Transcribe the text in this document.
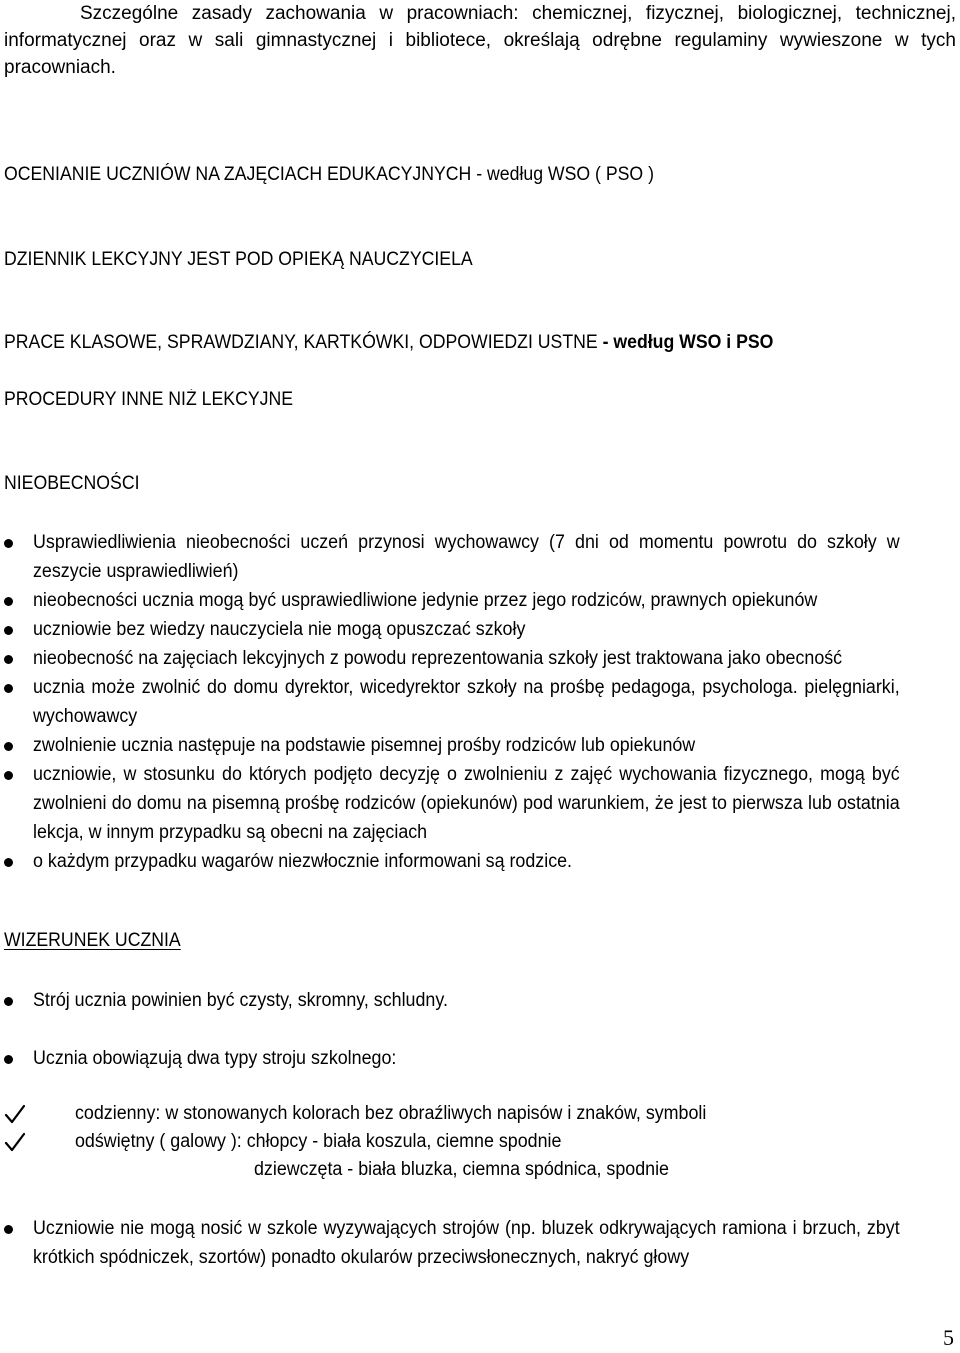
Szczególne zasady zachowania w pracowniach: chemicznej, fizycznej, biologicznej, technicznej, informatycznej oraz w sali gimnastycznej i bibliotece, określają odrębne regulaminy wywieszone w tych pracowniach.

OCENIANIE UCZNIÓW NA ZAJĘCIACH EDUKACYJNYCH - według WSO ( PSO )
DZIENNIK LEKCYJNY JEST POD OPIEKĄ NAUCZYCIELA
PRACE KLASOWE, SPRAWDZIANY, KARTKÓWKI, ODPOWIEDZI USTNE - według WSO i PSO
PROCEDURY INNE NIŻ LEKCYJNE
NIEOBECNOŚCI
Usprawiedliwienia nieobecności uczeń przynosi wychowawcy (7 dni od momentu powrotu do szkoły w zeszycie usprawiedliwień)
nieobecności ucznia mogą być usprawiedliwione jedynie przez jego rodziców, prawnych opiekunów
uczniowie bez wiedzy nauczyciela nie mogą opuszczać szkoły
nieobecność na zajęciach lekcyjnych z powodu reprezentowania szkoły jest traktowana jako obecność
ucznia może zwolnić do domu dyrektor, wicedyrektor szkoły na prośbę pedagoga, psychologa. pielęgniarki, wychowawcy
zwolnienie ucznia następuje na podstawie pisemnej prośby rodziców lub opiekunów
uczniowie, w stosunku do których podjęto decyzję o zwolnieniu z zajęć wychowania fizycznego, mogą być zwolnieni do domu na pisemną prośbę rodziców (opiekunów) pod warunkiem, że jest to pierwsza lub ostatnia lekcja, w innym przypadku są obecni na zajęciach
o każdym przypadku wagarów niezwłocznie informowani są rodzice.
WIZERUNEK UCZNIA
Strój ucznia powinien być czysty, skromny, schludny.
Ucznia obowiązują dwa typy stroju szkolnego:
codzienny: w stonowanych kolorach bez obraźliwych napisów i znaków, symboli
odświętny ( galowy ): chłopcy - biała koszula, ciemne spodnie
dziewczęta - biała bluzka, ciemna spódnica, spodnie
Uczniowie nie mogą nosić w szkole wyzywających strojów (np. bluzek odkrywających ramiona i brzuch, zbyt krótkich spódniczek, szortów) ponadto okularów przeciwsłonecznych, nakryć głowy
5
